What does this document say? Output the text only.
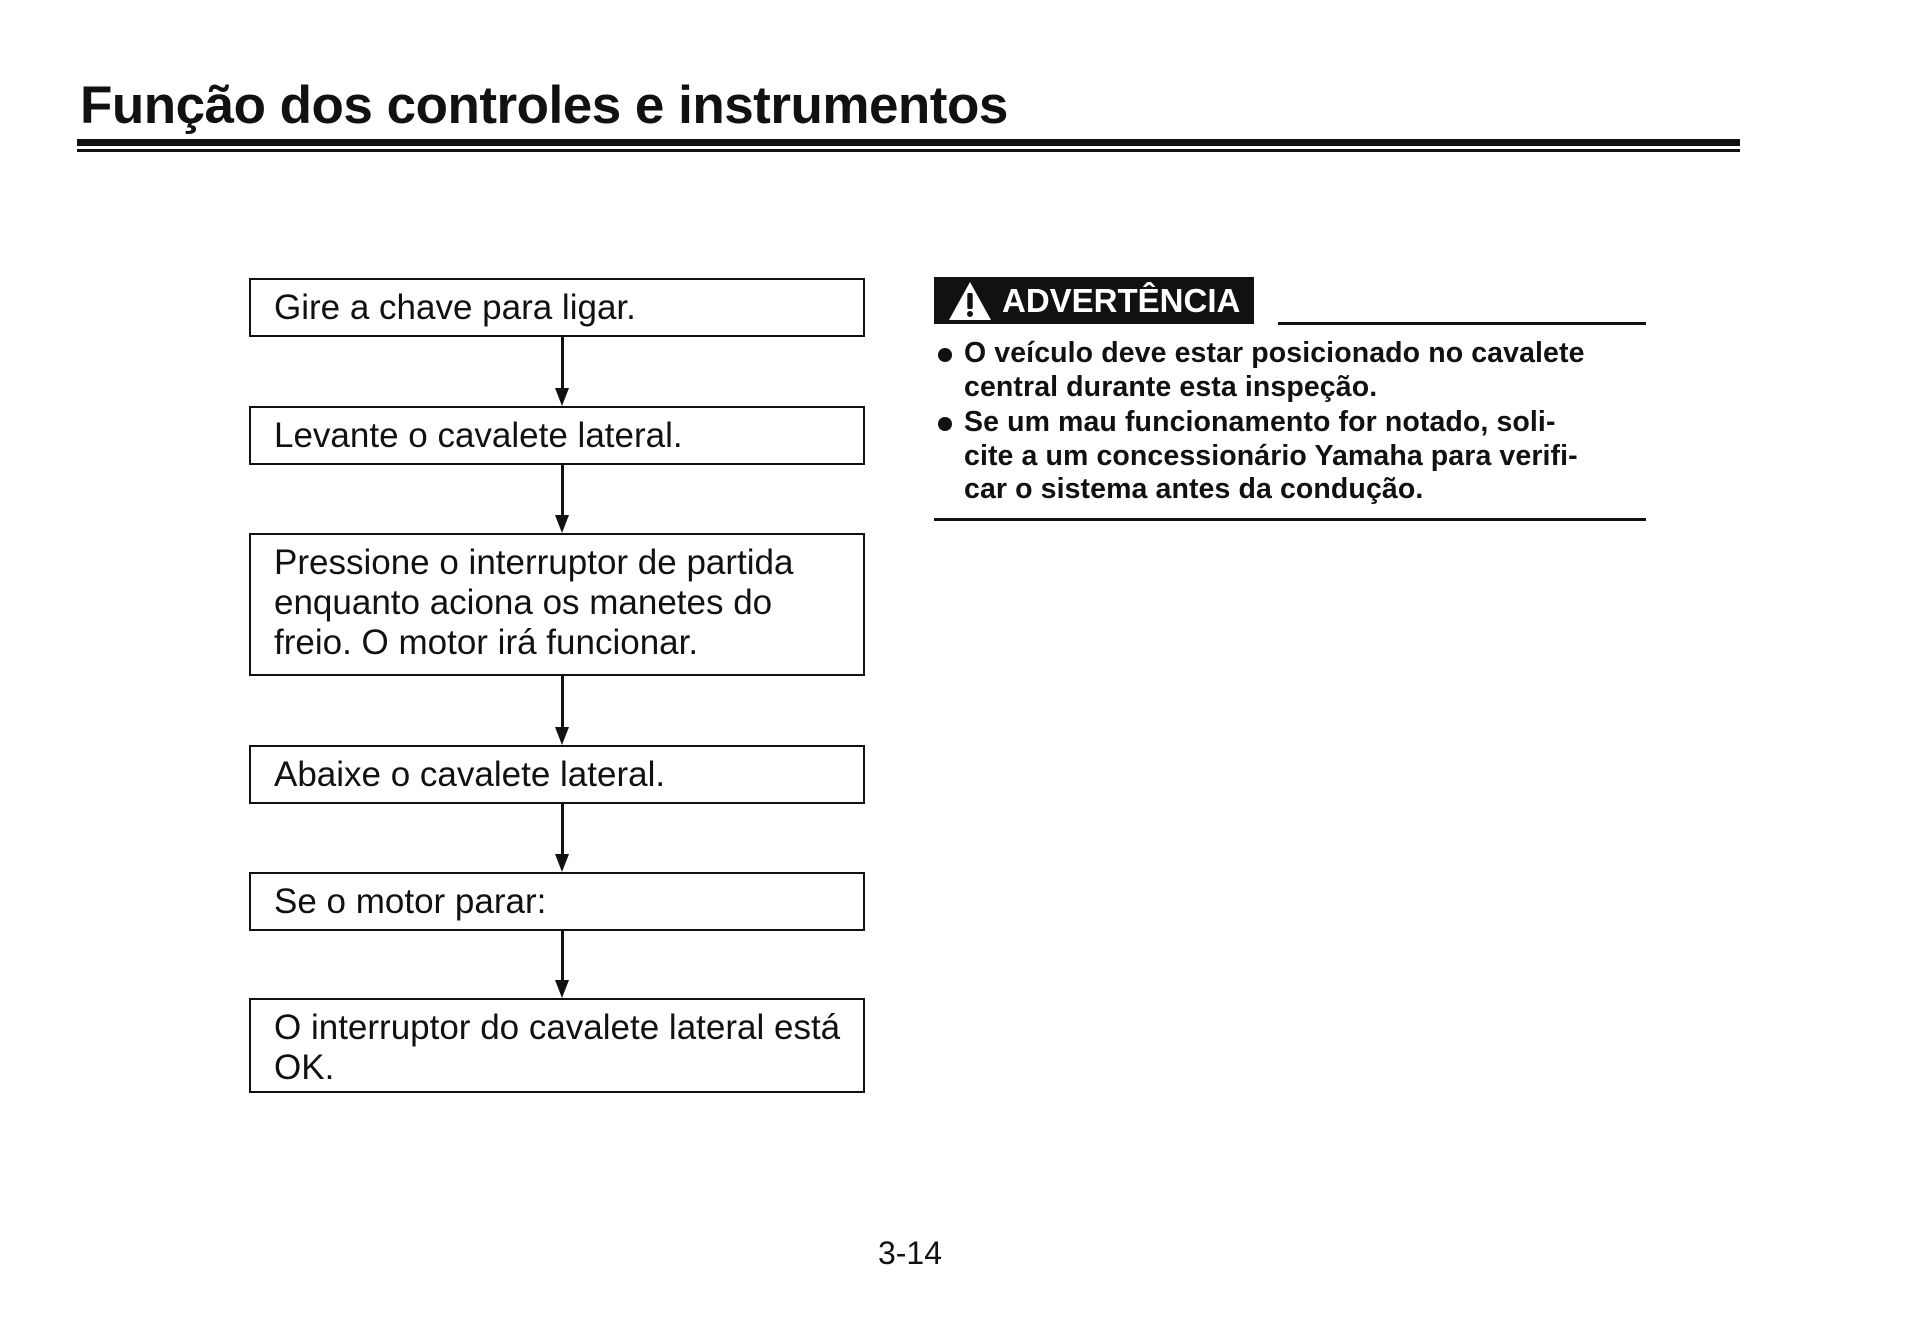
Função dos controles e instrumentos
Gire a chave para ligar.
Levante o cavalete lateral.
Pressione o interruptor de partida
enquanto aciona os manetes do
freio. O motor irá funcionar.
Abaixe o cavalete lateral.
Se o motor parar:
O interruptor do cavalete lateral está
OK.
ADVERTÊNCIA
O veículo deve estar posicionado no cavalete
central durante esta inspeção.
Se um mau funcionamento for notado, soli-
cite a um concessionário Yamaha para verifi-
car o sistema antes da condução.
3-14
